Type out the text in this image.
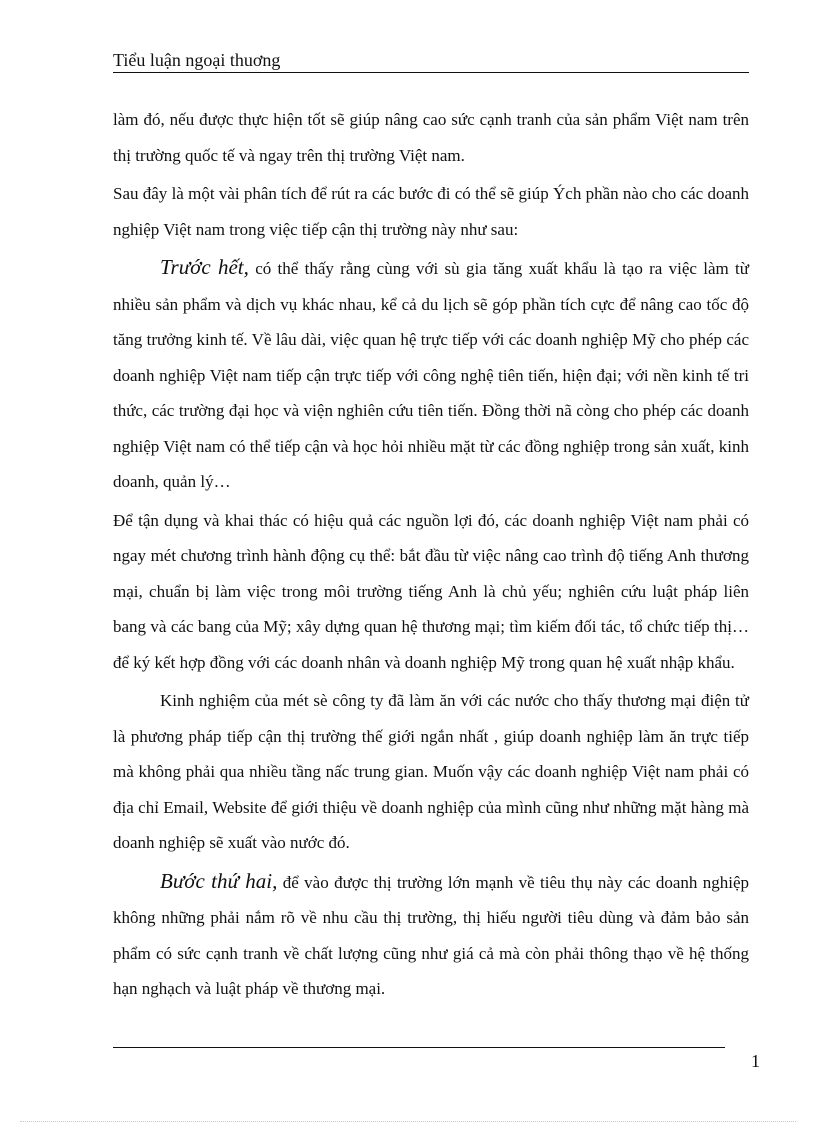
Tiểu luận ngoại thuơng

làm đó, nếu được thực hiện tốt sẽ giúp nâng cao sức cạnh tranh của sản phẩm Việt nam trên thị trường quốc tế và ngay trên thị trường Việt nam.

Sau đây là một vài phân tích để rút ra các bước đi có thể sẽ giúp Ých phần nào cho các doanh nghiệp Việt nam trong việc tiếp cận thị trường này như sau:

Trước hết, có thể thấy rằng cùng với sù gia tăng xuất khẩu là tạo ra việc làm từ nhiều sản phẩm và dịch vụ khác nhau, kể cả du lịch sẽ góp phần tích cực để nâng cao tốc độ tăng trưởng kinh tế. Về lâu dài, việc quan hệ trực tiếp với các doanh nghiệp Mỹ cho phép các doanh nghiệp Việt nam tiếp cận trực tiếp với công nghệ tiên tiến, hiện đại; với nền kinh tế tri thức, các trường đại học và viện nghiên cứu tiên tiến. Đồng thời nã còng cho phép các doanh nghiệp Việt nam có thể tiếp cận và học hỏi nhiều mặt từ các đồng nghiệp trong sản xuất, kinh doanh, quản lý…

Để tận dụng và khai thác có hiệu quả các nguồn lợi đó, các doanh nghiệp Việt nam phải có ngay mét chương trình hành động cụ thể: bắt đầu từ việc nâng cao trình độ tiếng Anh thương mại, chuẩn bị làm việc trong môi trường tiếng Anh là chủ yếu; nghiên cứu luật pháp liên bang và các bang của Mỹ; xây dựng quan hệ thương mại; tìm kiếm đối tác, tổ chức tiếp thị…để ký kết hợp đồng với các doanh nhân và doanh nghiệp Mỹ trong quan hệ xuất nhập khẩu.

Kinh nghiệm của mét sè công ty đã làm ăn với các nước cho thấy thương mại điện tử là phương pháp tiếp cận thị trường thế giới ngắn nhất , giúp doanh nghiệp làm ăn trực tiếp mà không phải qua nhiều tầng nấc trung gian. Muốn vậy các doanh nghiệp Việt nam phải có địa chỉ Email, Website để giới thiệu về doanh nghiệp của mình cũng như những mặt hàng mà doanh nghiệp sẽ xuất vào nước đó.

Bước thứ hai, để vào được thị trường lớn mạnh về tiêu thụ này các doanh nghiệp không những phải nắm rõ về nhu cầu thị trường, thị hiếu người tiêu dùng và đảm bảo sản phẩm có sức cạnh tranh về chất lượng cũng như giá cả mà còn phải thông thạo về hệ thống hạn nghạch và luật pháp về thương mại.

1
